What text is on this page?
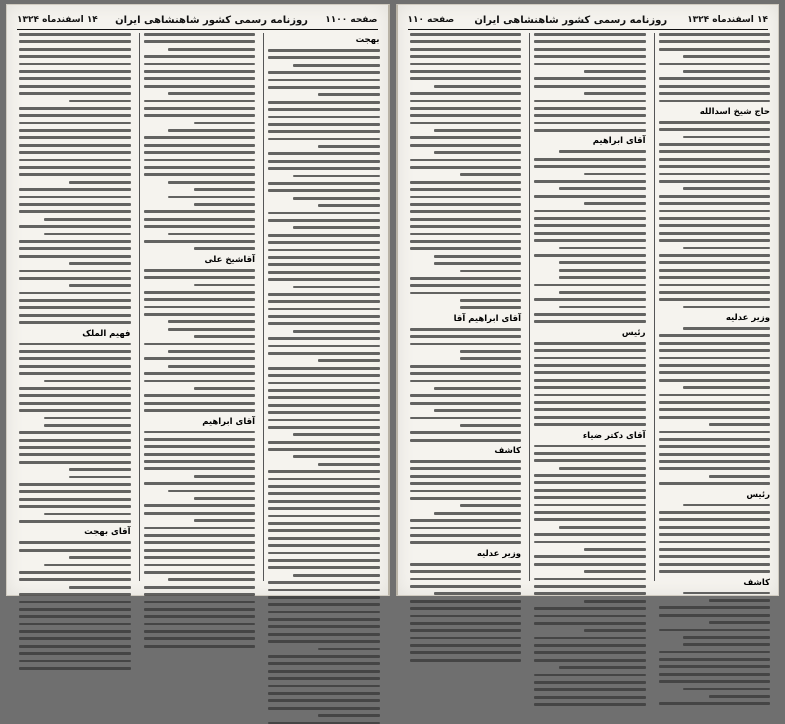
صفحه ۱۱۰۰
روزنامه رسمی کشور شاهنشاهی ایران
۱۴ اسفندماه ۱۳۲۴
بهجت
آقاشیخ علی
آقای ابراهیم
فهیم الملک
آقای بهجت
۱۴ اسفندماه ۱۳۲۴
روزنامه رسمی کشور شاهنشاهی ایران
صفحه ۱۱۰
حاج شیخ اسدالله
وزیر عدلیه
رئیس
کاشف
آقای ابراهیم
رئیس
آقای دکتر ضیاء
آقای ابراهیم آقا
کاشف
وزیر عدلیه
